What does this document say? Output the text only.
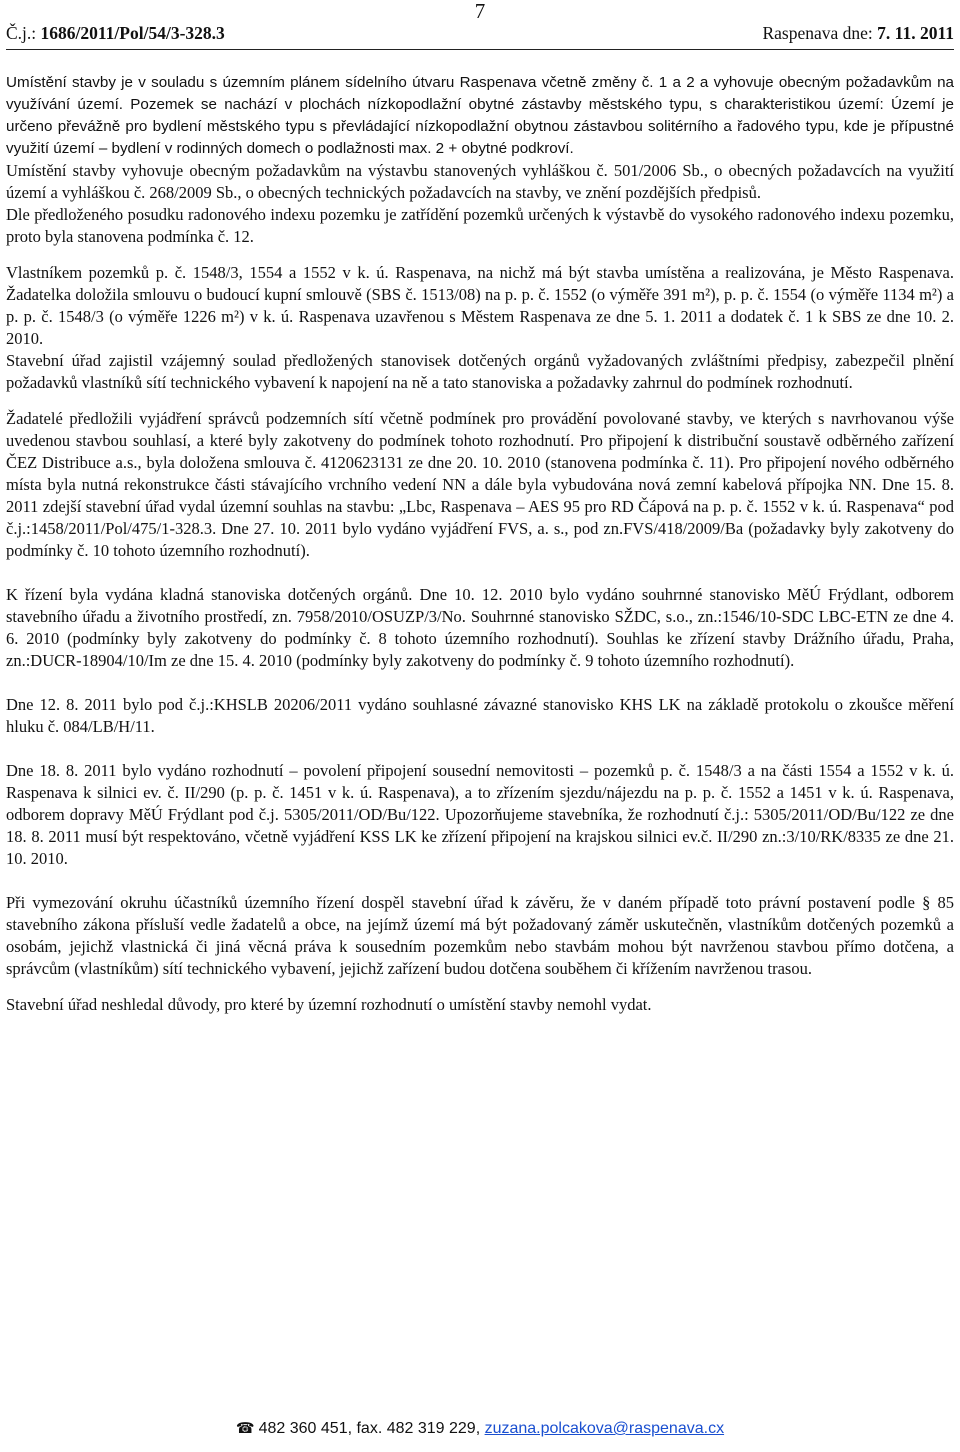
7
Č.j.: 1686/2011/Pol/54/3-328.3	Raspenava dne: 7. 11. 2011

Umístění stavby je v souladu s územním plánem sídelního útvaru Raspenava včetně změny č. 1 a 2 a vyhovuje obecným požadavkům na využívání území. Pozemek se nachází v plochách nízkopodlažní obytné zástavby městského typu, s charakteristikou území: Území je určeno převážně pro bydlení městského typu s převládající nízkopodlažní obytnou zástavbou solitérního a řadového typu, kde je přípustné využití území – bydlení v rodinných domech o podlažnosti max. 2 + obytné podkroví.

Umístění stavby vyhovuje obecným požadavkům na výstavbu stanovených vyhláškou č. 501/2006 Sb., o obecných požadavcích na využití území a vyhláškou č. 268/2009 Sb., o obecných technických požadavcích na stavby, ve znění pozdějších předpisů.

Dle předloženého posudku radonového indexu pozemku je zatřídění pozemků určených k výstavbě do vysokého radonového indexu pozemku, proto byla stanovena podmínka č. 12.

Vlastníkem pozemků p. č. 1548/3, 1554 a 1552 v k. ú. Raspenava, na nichž má být stavba umístěna a realizována, je Město Raspenava. Žadatelka doložila smlouvu o budoucí kupní smlouvě (SBS č. 1513/08) na p. p. č. 1552 (o výměře 391 m²), p. p. č. 1554 (o výměře 1134 m²) a p. p. č. 1548/3 (o výměře 1226 m²) v k. ú. Raspenava uzavřenou s Městem Raspenava ze dne 5. 1. 2011 a dodatek č. 1 k SBS ze dne 10. 2. 2010.

Stavební úřad zajistil vzájemný soulad předložených stanovisek dotčených orgánů vyžadovaných zvláštními předpisy, zabezpečil plnění požadavků vlastníků sítí technického vybavení k napojení na ně a tato stanoviska a požadavky zahrnul do podmínek rozhodnutí.

Žadatelé předložili vyjádření správců podzemních sítí včetně podmínek pro provádění povolované stavby, ve kterých s navrhovanou výše uvedenou stavbou souhlasí, a které byly zakotveny do podmínek tohoto rozhodnutí. Pro připojení k distribuční soustavě odběrného zařízení ČEZ Distribuce a.s., byla doložena smlouva č. 4120623131 ze dne 20. 10. 2010 (stanovena podmínka č. 11). Pro připojení nového odběrného místa byla nutná rekonstrukce části stávajícího vrchního vedení NN a dále byla vybudována nová zemní kabelová přípojka NN. Dne 15. 8. 2011 zdejší stavební úřad vydal územní souhlas na stavbu: „Lbc, Raspenava – AES 95 pro RD Čápová na p. p. č. 1552 v k. ú. Raspenava“ pod č.j.:1458/2011/Pol/475/1-328.3. Dne 27. 10. 2011 bylo vydáno vyjádření FVS, a. s., pod zn.FVS/418/2009/Ba (požadavky byly zakotveny do podmínky č. 10 tohoto územního rozhodnutí).

K řízení byla vydána kladná stanoviska dotčených orgánů. Dne 10. 12. 2010 bylo vydáno souhrnné stanovisko MěÚ Frýdlant, odborem stavebního úřadu a životního prostředí, zn. 7958/2010/OSUZP/3/No. Souhrnné stanovisko SŽDC, s.o., zn.:1546/10-SDC LBC-ETN ze dne 4. 6. 2010 (podmínky byly zakotveny do podmínky č. 8 tohoto územního rozhodnutí). Souhlas ke zřízení stavby Drážního úřadu, Praha, zn.:DUCR-18904/10/Im ze dne 15. 4. 2010 (podmínky byly zakotveny do podmínky č. 9 tohoto územního rozhodnutí).

Dne 12. 8. 2011 bylo pod č.j.:KHSLB 20206/2011 vydáno souhlasné závazné stanovisko KHS LK na základě protokolu o zkoušce měření hluku č. 084/LB/H/11.

Dne 18. 8. 2011 bylo vydáno rozhodnutí – povolení připojení sousední nemovitosti – pozemků p. č. 1548/3 a na části 1554 a 1552 v k. ú. Raspenava k silnici ev. č. II/290 (p. p. č. 1451 v k. ú. Raspenava), a to zřízením sjezdu/nájezdu na p. p. č. 1552 a 1451 v k. ú. Raspenava, odborem dopravy MěÚ Frýdlant pod č.j. 5305/2011/OD/Bu/122. Upozorňujeme stavebníka, že rozhodnutí č.j.: 5305/2011/OD/Bu/122 ze dne 18. 8. 2011 musí být respektováno, včetně vyjádření KSS LK ke zřízení připojení na krajskou silnici ev.č. II/290 zn.:3/10/RK/8335 ze dne 21. 10. 2010.

Při vymezování okruhu účastníků územního řízení dospěl stavební úřad k závěru, že v daném případě toto právní postavení podle § 85 stavebního zákona přísluší vedle žadatelů a obce, na jejímž území má být požadovaný záměr uskutečněn, vlastníkům dotčených pozemků a osobám, jejichž vlastnická či jiná věcná práva k sousedním pozemkům nebo stavbám mohou být navrženou stavbou přímo dotčena, a správcům (vlastníkům) sítí technického vybavení, jejichž zařízení budou dotčena souběhem či křížením navrženou trasou.

Stavební úřad neshledal důvody, pro které by územní rozhodnutí o umístění stavby nemohl vydat.

☎ 482 360 451, fax. 482 319 229, zuzana.polcakova@raspenava.cx
